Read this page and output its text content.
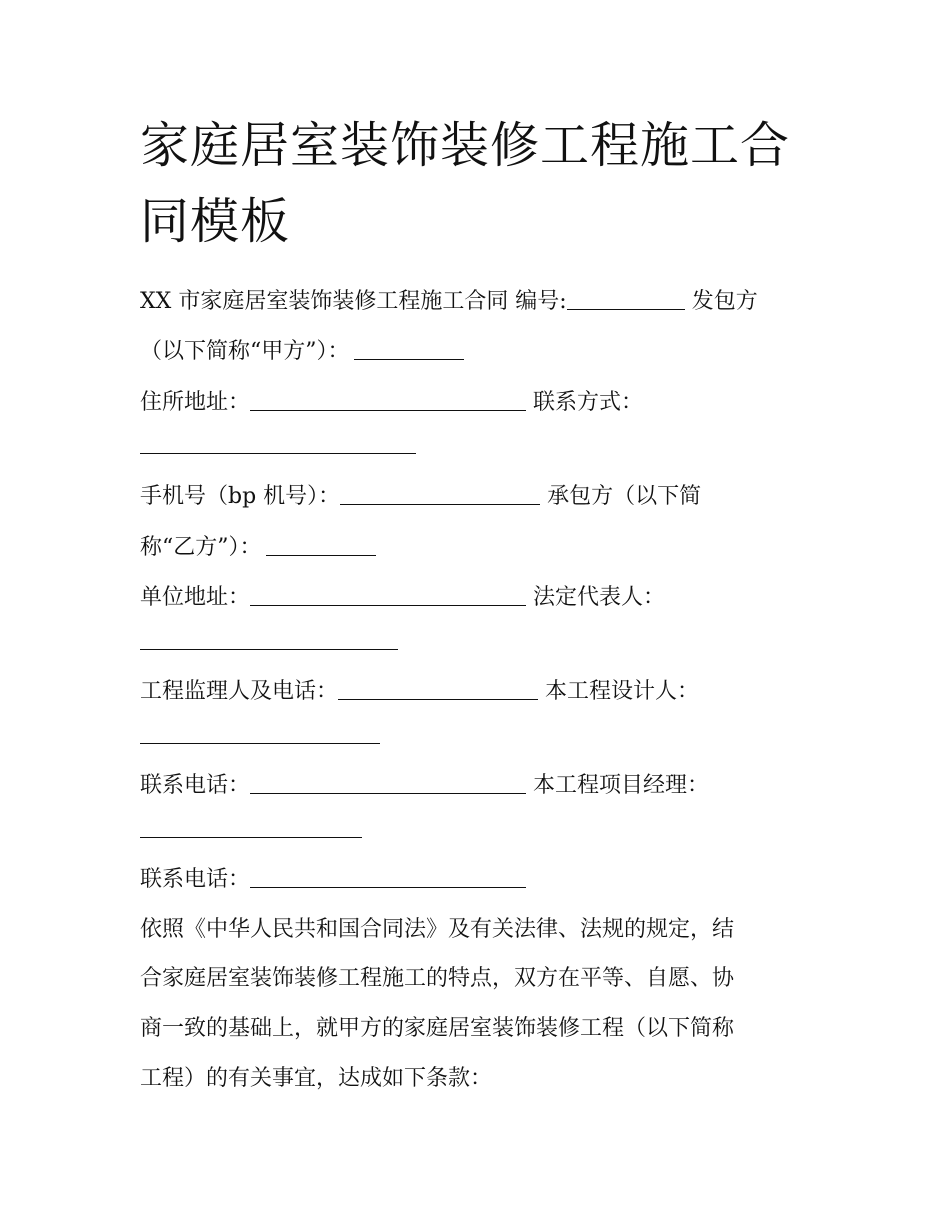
家庭居室装饰装修工程施工合
同模板
XX 市家庭居室装饰装修工程施工合同 编号:	发包方
（以下简称“甲方”）：
住所地址：	联系方式：
手机号（bp 机号）：	承包方（以下简
称“乙方”）：
单位地址：	法定代表人：
工程监理人及电话：	本工程设计人：
联系电话：	本工程项目经理：
联系电话：
依照《中华人民共和国合同法》及有关法律、法规的规定，结
合家庭居室装饰装修工程施工的特点，双方在平等、自愿、协
商一致的基础上，就甲方的家庭居室装饰装修工程（以下简称
工程）的有关事宜，达成如下条款：
